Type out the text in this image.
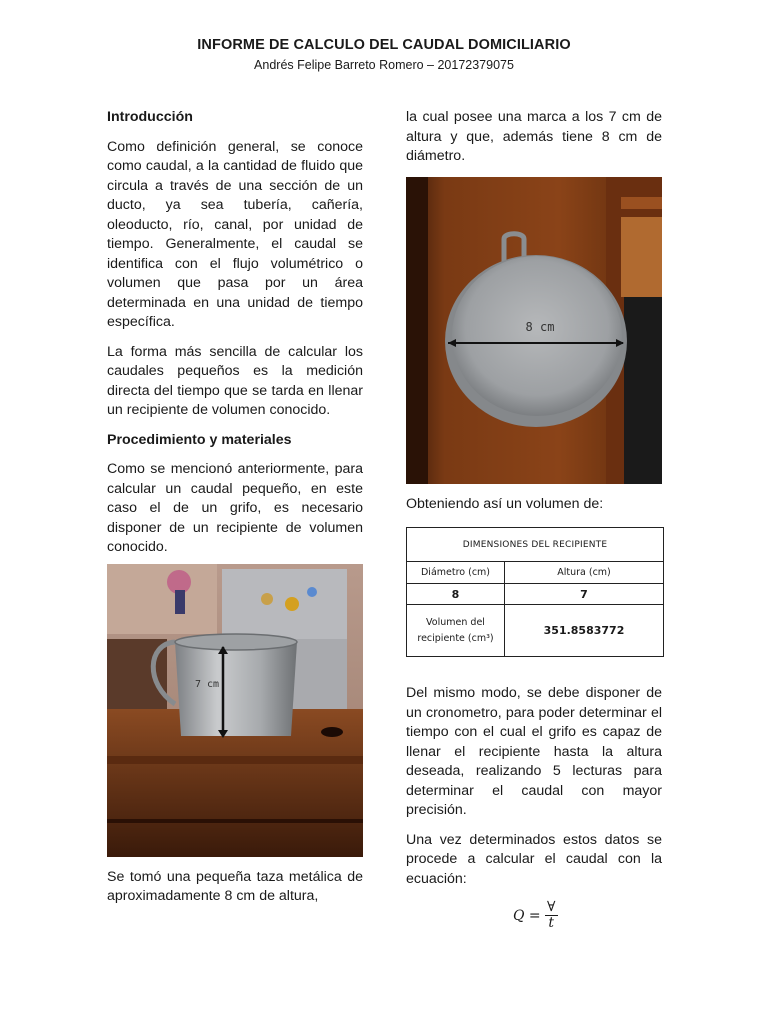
INFORME DE CALCULO DEL CAUDAL DOMICILIARIO
Andrés Felipe Barreto Romero – 20172379075

Introducción

Como definición general, se conoce como caudal, a la cantidad de fluido que circula a través de una sección de un ducto, ya sea tubería, cañería, oleoducto, río, canal, por unidad de tiempo. Generalmente, el caudal se identifica con el flujo volumétrico o volumen que pasa por un área determinada en una unidad de tiempo específica.

La forma más sencilla de calcular los caudales pequeños es la medición directa del tiempo que se tarda en llenar un recipiente de volumen conocido.

Procedimiento y materiales

Como se mencionó anteriormente, para calcular un caudal pequeño, en este caso el de un grifo, es necesario disponer de un recipiente de volumen conocido.

7 cm

Se tomó una pequeña taza metálica de aproximadamente 8 cm de altura,

la cual posee una marca a los 7 cm de altura y que, además tiene 8 cm de diámetro.

8 cm

Obteniendo así un volumen de:

DIMENSIONES DEL RECIPIENTE	
Diámetro (cm)	Altura (cm)
8	7
Volumen del recipiente (cm³)	351.8583772

Del mismo modo, se debe disponer de un cronometro, para poder determinar el tiempo con el cual el grifo es capaz de llenar el recipiente hasta la altura deseada, realizando 5 lecturas para determinar el caudal con mayor precisión.

Una vez determinados estos datos se procede a calcular el caudal con la ecuación:

$Q = \frac{\forall}{t}$
